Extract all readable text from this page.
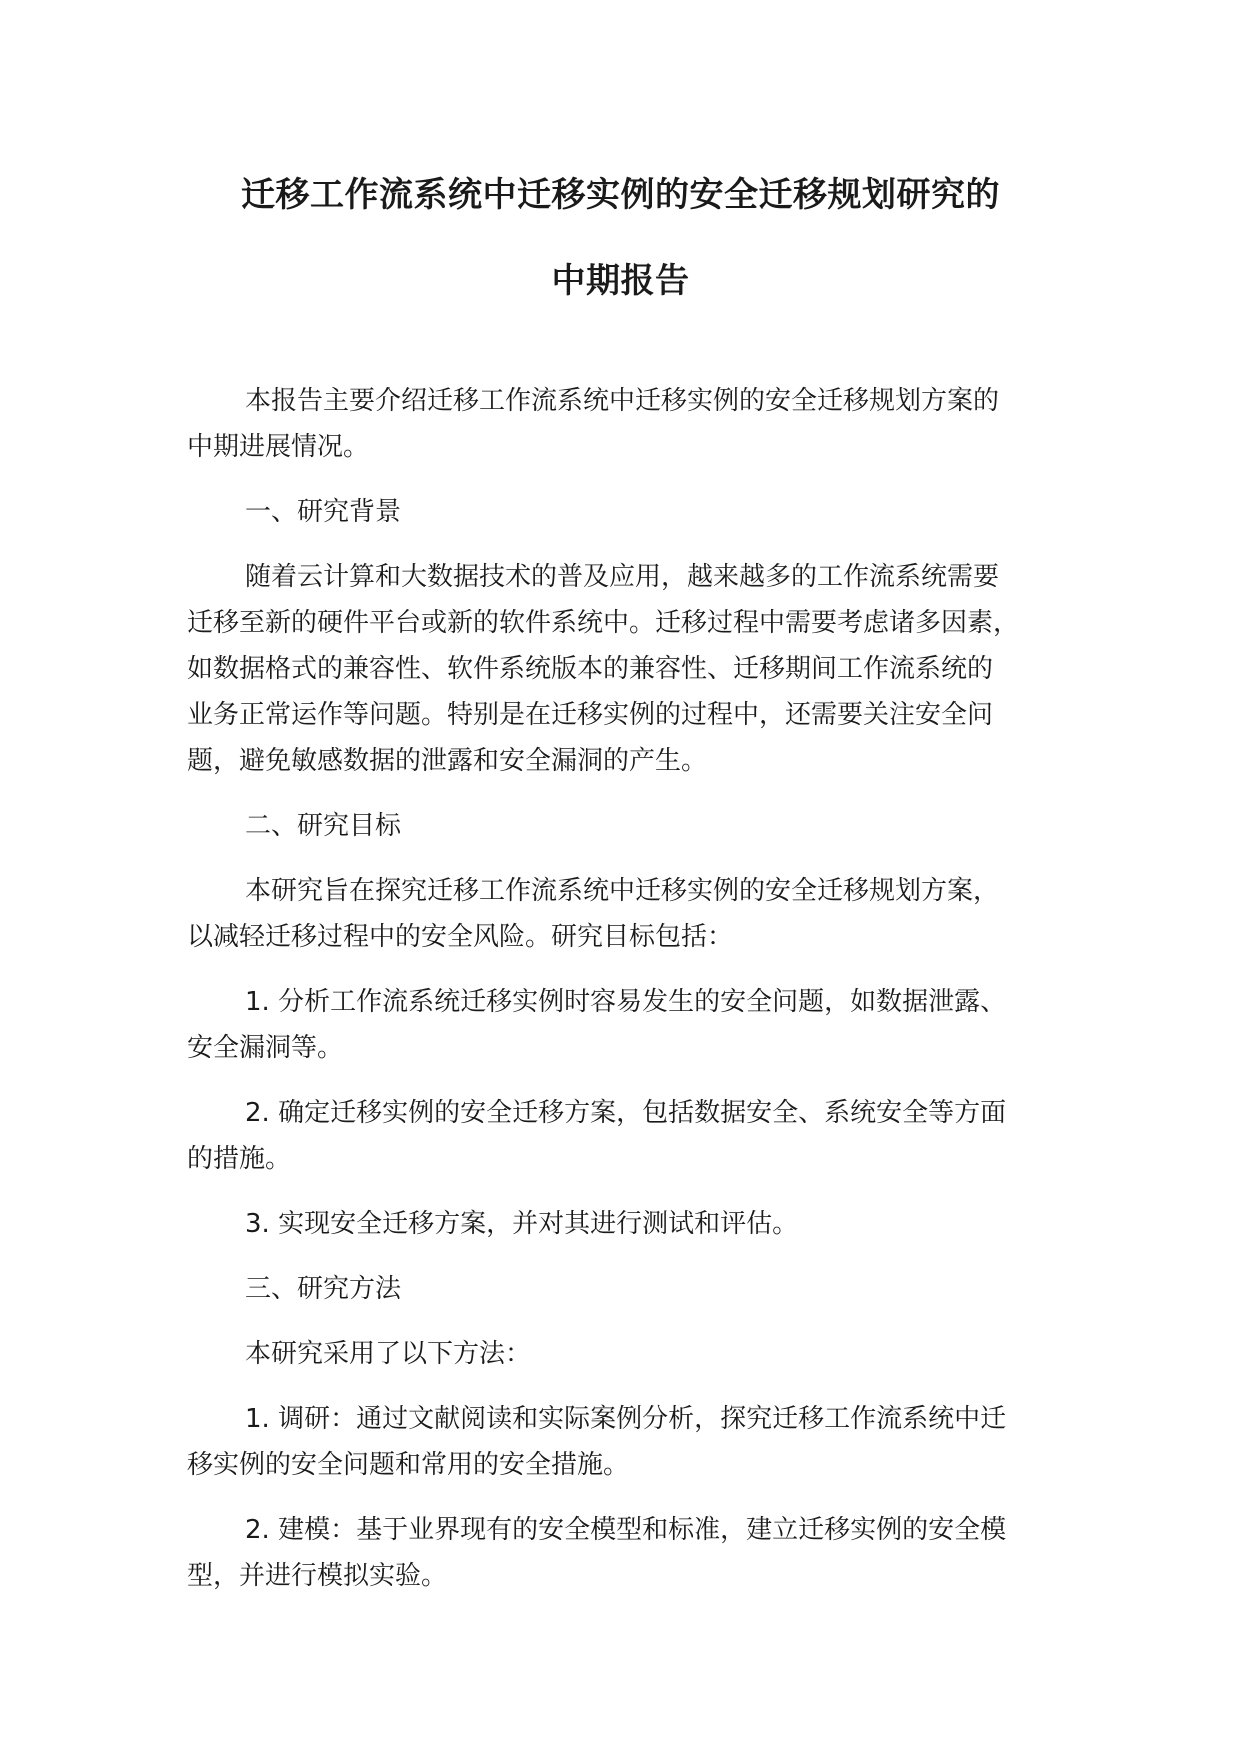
迁移工作流系统中迁移实例的安全迁移规划研究的
中期报告

本报告主要介绍迁移工作流系统中迁移实例的安全迁移规划方案的
中期进展情况。

一、研究背景

随着云计算和大数据技术的普及应用，越来越多的工作流系统需要
迁移至新的硬件平台或新的软件系统中。迁移过程中需要考虑诸多因素，
如数据格式的兼容性、软件系统版本的兼容性、迁移期间工作流系统的
业务正常运作等问题。特别是在迁移实例的过程中，还需要关注安全问
题，避免敏感数据的泄露和安全漏洞的产生。

二、研究目标

本研究旨在探究迁移工作流系统中迁移实例的安全迁移规划方案，
以减轻迁移过程中的安全风险。研究目标包括：

1. 分析工作流系统迁移实例时容易发生的安全问题，如数据泄露、
安全漏洞等。

2. 确定迁移实例的安全迁移方案，包括数据安全、系统安全等方面
的措施。

3. 实现安全迁移方案，并对其进行测试和评估。

三、研究方法

本研究采用了以下方法：

1. 调研：通过文献阅读和实际案例分析，探究迁移工作流系统中迁
移实例的安全问题和常用的安全措施。

2. 建模：基于业界现有的安全模型和标准，建立迁移实例的安全模
型，并进行模拟实验。
